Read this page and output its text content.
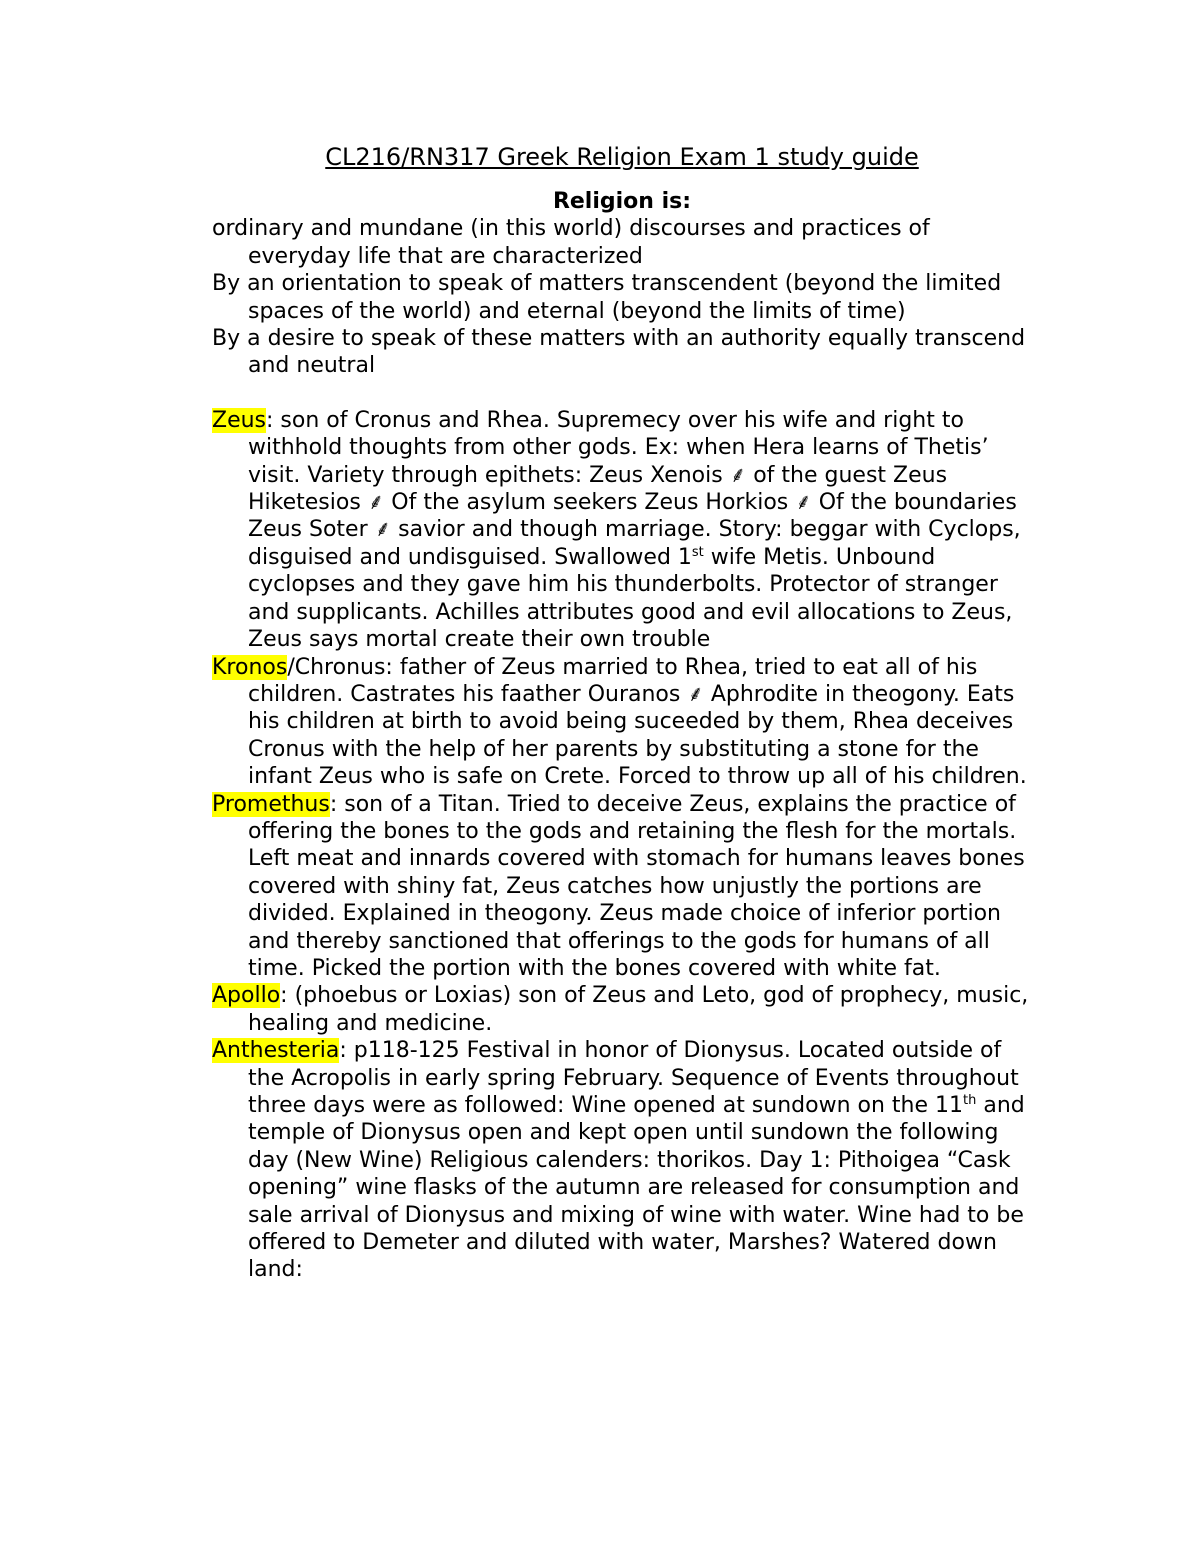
CL216/RN317 Greek Religion Exam 1 study guide

Religion is:

ordinary and mundane (in this world) discourses and practices of everyday life that are characterized

By an orientation to speak of matters transcendent (beyond the limited spaces of the world) and eternal (beyond the limits of time)

By a desire to speak of these matters with an authority equally transcend and neutral

Zeus: son of Cronus and Rhea. Supremecy over his wife and right to withhold thoughts from other gods. Ex: when Hera learns of Thetis’ visit. Variety through epithets: Zeus Xenois ⸙ of the guest Zeus Hiketesios ⸙ Of the asylum seekers Zeus Horkios ⸙ Of the boundaries Zeus Soter ⸙ savior and though marriage. Story: beggar with Cyclops, disguised and undisguised. Swallowed 1st wife Metis. Unbound cyclopses and they gave him his thunderbolts. Protector of stranger and supplicants. Achilles attributes good and evil allocations to Zeus, Zeus says mortal create their own trouble

Kronos/Chronus: father of Zeus married to Rhea, tried to eat all of his children. Castrates his faather Ouranos ⸙ Aphrodite in theogony. Eats his children at birth to avoid being suceeded by them, Rhea deceives Cronus with the help of her parents by substituting a stone for the infant Zeus who is safe on Crete. Forced to throw up all of his children.

Promethus: son of a Titan. Tried to deceive Zeus, explains the practice of offering the bones to the gods and retaining the flesh for the mortals. Left meat and innards covered with stomach for humans leaves bones covered with shiny fat, Zeus catches how unjustly the portions are divided. Explained in theogony. Zeus made choice of inferior portion and thereby sanctioned that offerings to the gods for humans of all time. Picked the portion with the bones covered with white fat.

Apollo: (phoebus or Loxias) son of Zeus and Leto, god of prophecy, music, healing and medicine.

Anthesteria: p118-125 Festival in honor of Dionysus. Located outside of the Acropolis in early spring February. Sequence of Events throughout three days were as followed: Wine opened at sundown on the 11th and temple of Dionysus open and kept open until sundown the following day (New Wine) Religious calenders: thorikos. Day 1: Pithoigea “Cask opening” wine flasks of the autumn are released for consumption and sale arrival of Dionysus and mixing of wine with water. Wine had to be offered to Demeter and diluted with water, Marshes? Watered down land:
